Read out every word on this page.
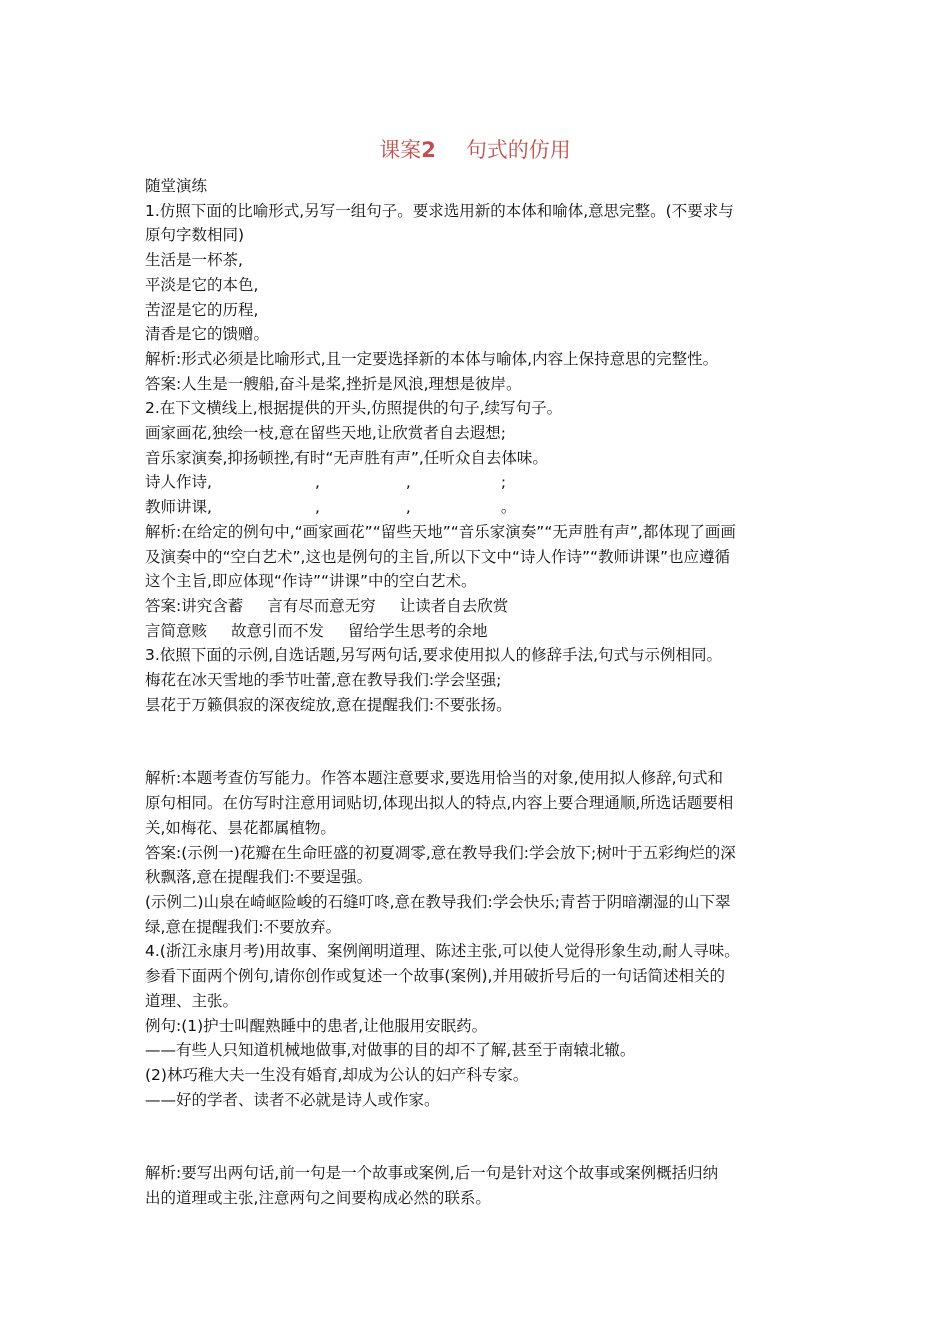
课案2 句式的仿用
随堂演练
1.仿照下面的比喻形式,另写一组句子。要求选用新的本体和喻体,意思完整。(不要求与
原句字数相同)
生活是一杯茶,
平淡是它的本色,
苦涩是它的历程,
清香是它的馈赠。
解析:形式必须是比喻形式,且一定要选择新的本体与喻体,内容上保持意思的完整性。
答案:人生是一艘船,奋斗是桨,挫折是风浪,理想是彼岸。
2.在下文横线上,根据提供的开头,仿照提供的句子,续写句子。
画家画花,独绘一枝,意在留些天地,让欣赏者自去遐想;
音乐家演奏,抑扬顿挫,有时“无声胜有声”,任听众自去体味。
诗人作诗,	,	,	;
教师讲课,	,	,	。
解析:在给定的例句中,“画家画花”“留些天地”“音乐家演奏”“无声胜有声”,都体现了画画
及演奏中的“空白艺术”,这也是例句的主旨,所以下文中“诗人作诗”“教师讲课”也应遵循
这个主旨,即应体现“作诗”“讲课”中的空白艺术。
答案:讲究含蓄 言有尽而意无穷 让读者自去欣赏
言简意赅 故意引而不发 留给学生思考的余地
3.依照下面的示例,自选话题,另写两句话,要求使用拟人的修辞手法,句式与示例相同。
梅花在冰天雪地的季节吐蕾,意在教导我们:学会坚强;
昙花于万籁俱寂的深夜绽放,意在提醒我们:不要张扬。
解析:本题考查仿写能力。作答本题注意要求,要选用恰当的对象,使用拟人修辞,句式和
原句相同。在仿写时注意用词贴切,体现出拟人的特点,内容上要合理通顺,所选话题要相
关,如梅花、昙花都属植物。
答案:(示例一)花瓣在生命旺盛的初夏凋零,意在教导我们:学会放下;树叶于五彩绚烂的深
秋飘落,意在提醒我们:不要逞强。
(示例二)山泉在崎岖险峻的石缝叮咚,意在教导我们:学会快乐;青苔于阴暗潮湿的山下翠
绿,意在提醒我们:不要放弃。
4.(浙江永康月考)用故事、案例阐明道理、陈述主张,可以使人觉得形象生动,耐人寻味。
参看下面两个例句,请你创作或复述一个故事(案例),并用破折号后的一句话简述相关的
道理、主张。
例句:(1)护士叫醒熟睡中的患者,让他服用安眠药。
——有些人只知道机械地做事,对做事的目的却不了解,甚至于南辕北辙。
(2)林巧稚大夫一生没有婚育,却成为公认的妇产科专家。
——好的学者、读者不必就是诗人或作家。
解析:要写出两句话,前一句是一个故事或案例,后一句是针对这个故事或案例概括归纳
出的道理或主张,注意两句之间要构成必然的联系。
